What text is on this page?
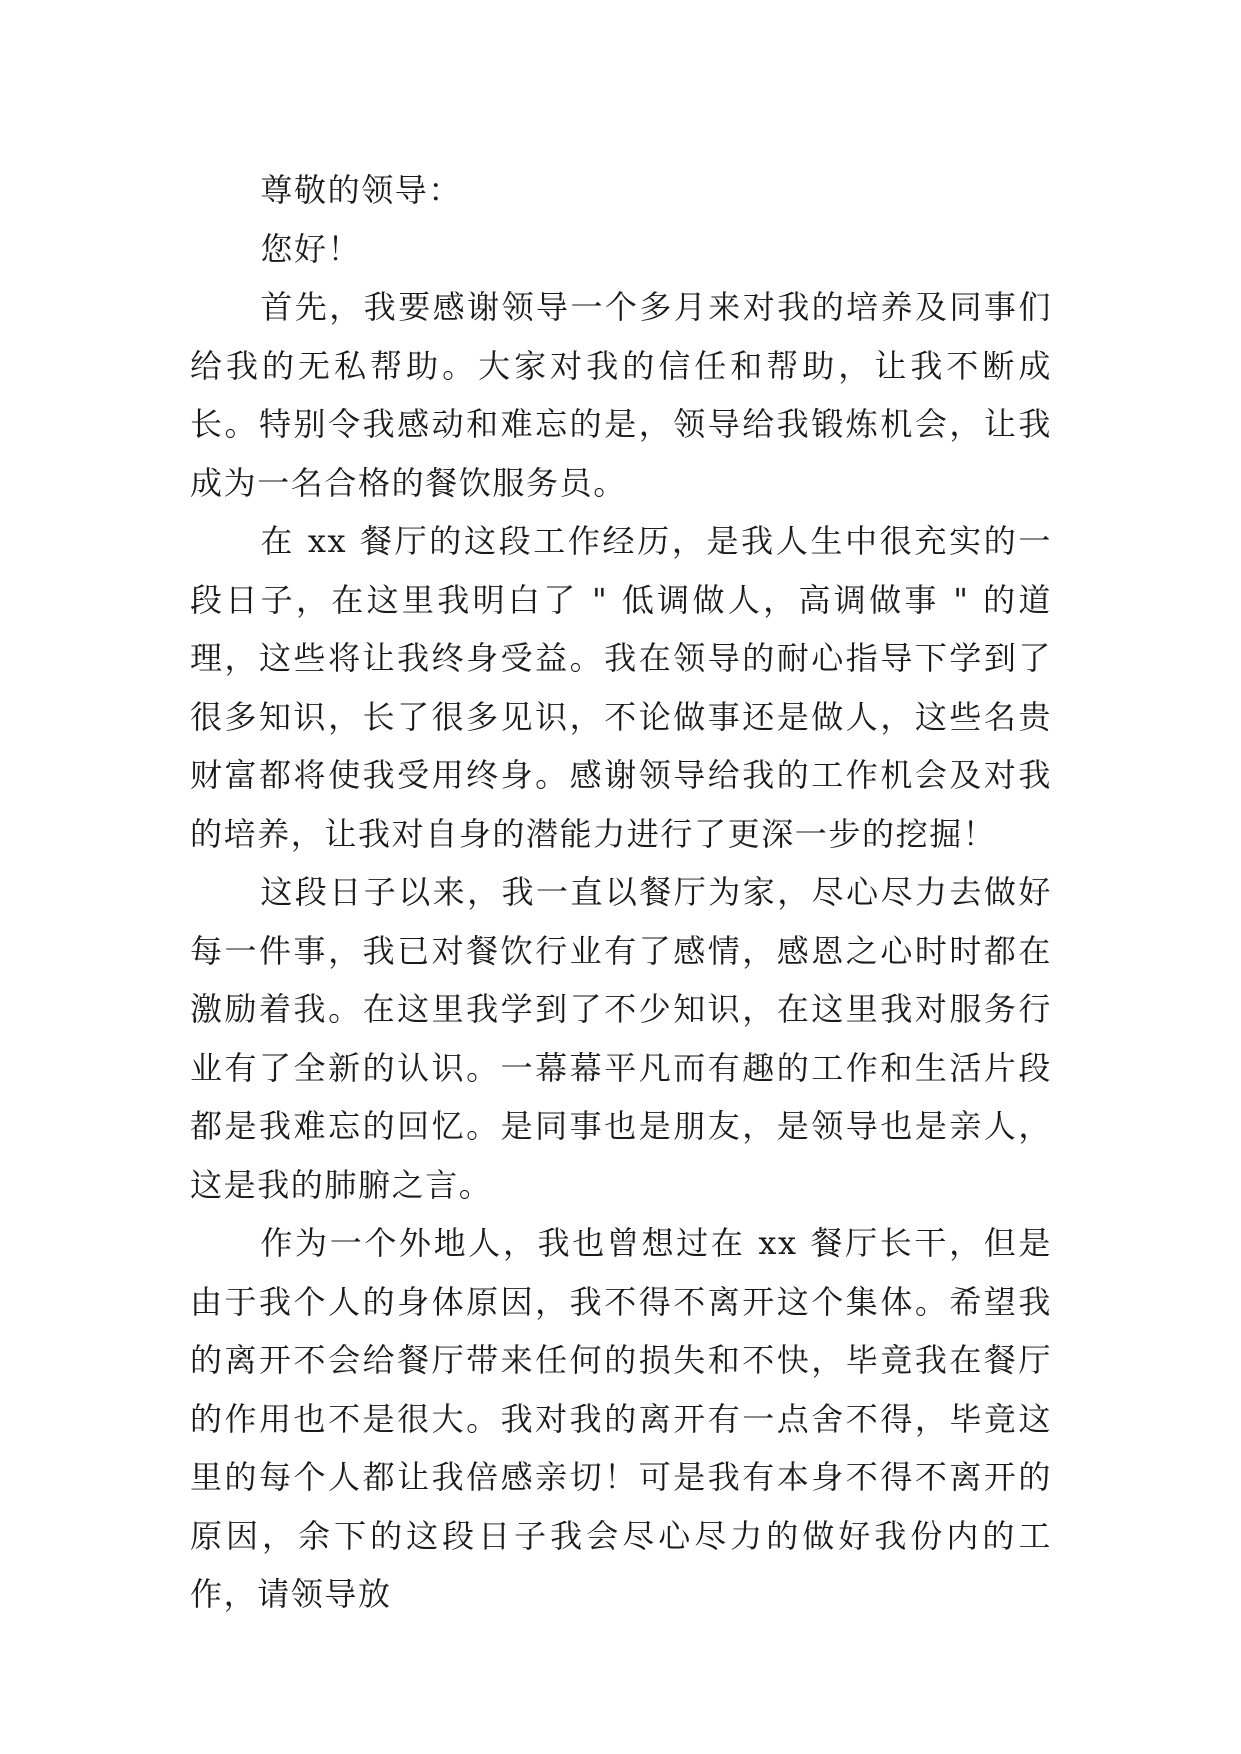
尊敬的领导：

您好！

首先，我要感谢领导一个多月来对我的培养及同事们给我的无私帮助。大家对我的信任和帮助，让我不断成长。特别令我感动和难忘的是，领导给我锻炼机会，让我成为一名合格的餐饮服务员。

在 xx 餐厅的这段工作经历，是我人生中很充实的一段日子，在这里我明白了 " 低调做人，高调做事 " 的道理，这些将让我终身受益。我在领导的耐心指导下学到了很多知识，长了很多见识，不论做事还是做人，这些名贵财富都将使我受用终身。感谢领导给我的工作机会及对我的培养，让我对自身的潜能力进行了更深一步的挖掘！

这段日子以来，我一直以餐厅为家，尽心尽力去做好每一件事，我已对餐饮行业有了感情，感恩之心时时都在激励着我。在这里我学到了不少知识，在这里我对服务行业有了全新的认识。一幕幕平凡而有趣的工作和生活片段都是我难忘的回忆。是同事也是朋友，是领导也是亲人，这是我的肺腑之言。

作为一个外地人，我也曾想过在 xx 餐厅长干，但是由于我个人的身体原因，我不得不离开这个集体。希望我的离开不会给餐厅带来任何的损失和不快，毕竟我在餐厅的作用也不是很大。我对我的离开有一点舍不得，毕竟这里的每个人都让我倍感亲切！可是我有本身不得不离开的原因，余下的这段日子我会尽心尽力的做好我份内的工作，请领导放
